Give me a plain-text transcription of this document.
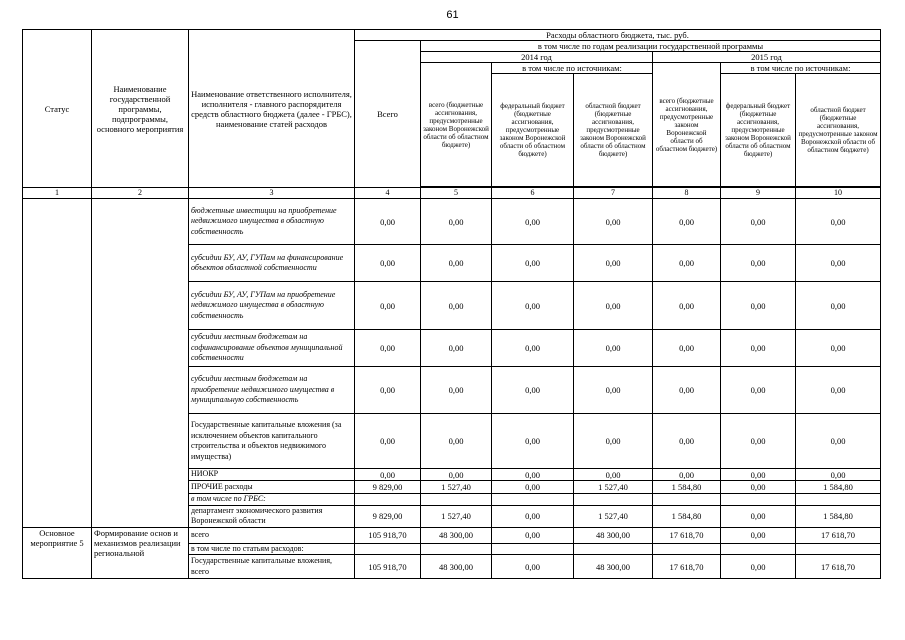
61
Статус	Наименование государственной программы, подпрограммы, основного мероприятия	Наименование ответственного исполнителя, исполнителя - главного распорядителя средств областного бюджета (далее - ГРБС), наименование статей расходов	Расходы областного бюджета, тыс. руб.						
			Всего	в том числе по годам реализации государственной программы					
				2014 год			2015 год		
				всего (бюджетные ассигнования, предусмотренные законом Воронежской области об областном бюджете)	в том числе по источникам:		всего (бюджетные ассигнования, предусмотренные законом Воронежской области об областном бюджете)	в том числе по источникам:	
					федеральный бюджет (бюджетные ассигнования, предусмотренные законом Воронежской области об областном бюджете)	областной бюджет (бюджетные ассигнования, предусмотренные законом Воронежской области об областном бюджете)		федеральный бюджет (бюджетные ассигнования, предусмотренные законом Воронежской области об областном бюджете)	областной бюджет (бюджетные ассигнования, предусмотренные законом Воронежской области об областном бюджете)

1	2	3	4	5	6	7	8	9	10
		бюджетные инвестиции на приобретение недвижимого имущества в областную собственность	0,00	0,00	0,00	0,00	0,00	0,00	0,00
		субсидии БУ, АУ, ГУПам на финансирование объектов областной собственности	0,00	0,00	0,00	0,00	0,00	0,00	0,00
		субсидии БУ, АУ, ГУПам на приобретение недвижимого имущества в областную собственность	0,00	0,00	0,00	0,00	0,00	0,00	0,00
		субсидии местным бюджетам на софинансирование объектов муниципальной собственности	0,00	0,00	0,00	0,00	0,00	0,00	0,00
		субсидии местным бюджетам на приобретение недвижимого имущества в муниципальную собственность	0,00	0,00	0,00	0,00	0,00	0,00	0,00
		Государственные капитальные вложения (за исключением объектов капитального строительства и объектов недвижимого имущества)	0,00	0,00	0,00	0,00	0,00	0,00	0,00
		НИОКР	0,00	0,00	0,00	0,00	0,00	0,00	0,00
		ПРОЧИЕ расходы	9 829,00	1 527,40	0,00	1 527,40	1 584,80	0,00	1 584,80
		в том числе по ГРБС:							
		департамент экономического развития Воронежской области	9 829,00	1 527,40	0,00	1 527,40	1 584,80	0,00	1 584,80
Основное мероприятие 5	Формирование основ и механизмов реализации региональной	всего	105 918,70	48 300,00	0,00	48 300,00	17 618,70	0,00	17 618,70
		в том числе по статьям расходов:							
		Государственные капитальные вложения, всего	105 918,70	48 300,00	0,00	48 300,00	17 618,70	0,00	17 618,70
